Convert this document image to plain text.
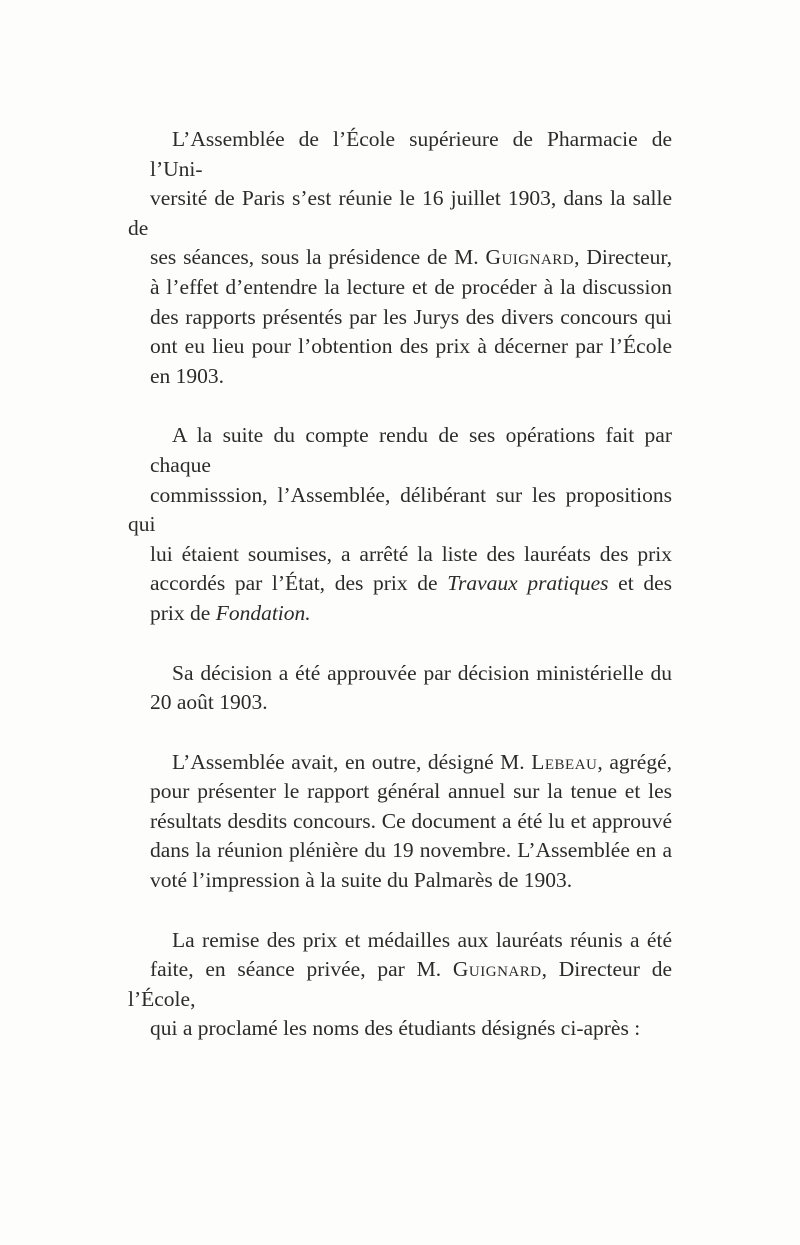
L’Assemblée de l’École supérieure de Pharmacie de l’Uni-
versité de Paris s’est réunie le 16 juillet 1903, dans la salle de
ses séances, sous la présidence de M. Guignard, Directeur,
à l’effet d’entendre la lecture et de procéder à la discussion
des rapports présentés par les Jurys des divers concours qui
ont eu lieu pour l’obtention des prix à décerner par l’École
en 1903.

A la suite du compte rendu de ses opérations fait par chaque
commisssion, l’Assemblée, délibérant sur les propositions qui
lui étaient soumises, a arrêté la liste des lauréats des prix
accordés par l’État, des prix de Travaux pratiques et des
prix de Fondation.

Sa décision a été approuvée par décision ministérielle du
20 août 1903.

L’Assemblée avait, en outre, désigné M. Lebeau, agrégé,
pour présenter le rapport général annuel sur la tenue et les
résultats desdits concours. Ce document a été lu et approuvé
dans la réunion plénière du 19 novembre. L’Assemblée en a
voté l’impression à la suite du Palmarès de 1903.

La remise des prix et médailles aux lauréats réunis a été
faite, en séance privée, par M. Guignard, Directeur de l’École,
qui a proclamé les noms des étudiants désignés ci-après :
